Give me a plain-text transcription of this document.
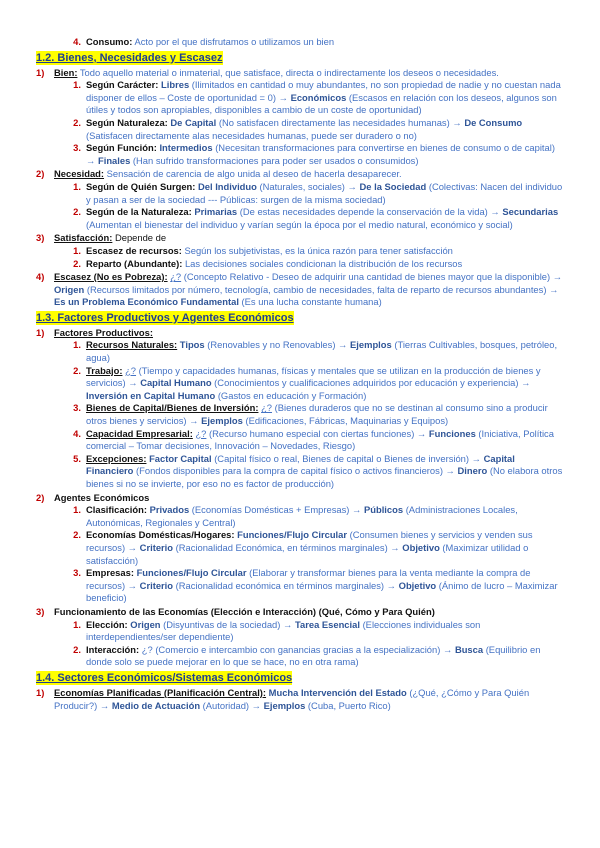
4. Consumo: Acto por el que disfrutamos o utilizamos un bien
1.2. Bienes, Necesidades y Escasez
1) Bien: Todo aquello material o inmaterial, que satisface, directa o indirectamente los deseos o necesidades.
1. Según Carácter: Libres (Ilimitados en cantidad o muy abundantes, no son propiedad de nadie y no cuestan nada disponer de ellos – Coste de oportunidad = 0) → Económicos (Escasos en relación con los deseos, algunos son útiles y todos son apropiables, disponibles a cambio de un coste de oportunidad)
2. Según Naturaleza: De Capital (No satisfacen directamente las necesidades humanas) → De Consumo (Satisfacen directamente alas necesidades humanas, puede ser duradero o no)
3. Según Función: Intermedios (Necesitan transformaciones para convertirse en bienes de consumo o de capital) → Finales (Han sufrido transformaciones para poder ser usados o consumidos)
2) Necesidad: Sensación de carencia de algo unida al deseo de hacerla desaparecer.
1. Según de Quién Surgen: Del Individuo (Naturales, sociales) → De la Sociedad (Colectivas: Nacen del individuo y pasan a ser de la sociedad --- Públicas: surgen de la misma sociedad)
2. Según de la Naturaleza: Primarias (De estas necesidades depende la conservación de la vida) → Secundarias (Aumentan el bienestar del individuo y varían según la época por el medio natural, económico y social)
3) Satisfacción: Depende de
1. Escasez de recursos: Según los subjetivistas, es la única razón para tener satisfacción
2. Reparto (Abundante): Las decisiones sociales condicionan la distribución de los recursos
4) Escasez (No es Pobreza): ¿? (Concepto Relativo - Deseo de adquirir una cantidad de bienes mayor que la disponible) → Origen (Recursos limitados por número, tecnología, cambio de necesidades, falta de reparto de recursos abundantes) → Es un Problema Económico Fundamental (Es una lucha constante humana)
1.3. Factores Productivos y Agentes Económicos
1) Factores Productivos:
1. Recursos Naturales: Tipos (Renovables y no Renovables) → Ejemplos (Tierras Cultivables, bosques, petróleo, agua)
2. Trabajo: ¿? (Tiempo y capacidades humanas, físicas y mentales que se utilizan en la producción de bienes y servicios) → Capital Humano (Conocimientos y cualificaciones adquiridos por educación y experiencia) → Inversión en Capital Humano (Gastos en educación y Formación)
3. Bienes de Capital/Bienes de Inversión: ¿? (Bienes duraderos que no se destinan al consumo sino a producir otros bienes y servicios) → Ejemplos (Edificaciones, Fábricas, Maquinarias y Equipos)
4. Capacidad Empresarial: ¿? (Recurso humano especial con ciertas funciones) → Funciones (Iniciativa, Política comercial – Tomar decisiones, Innovación – Novedades, Riesgo)
5. Excepciones: Factor Capital (Capital físico o real, Bienes de capital o Bienes de inversión) → Capital Financiero (Fondos disponibles para la compra de capital físico o activos financieros) → Dinero (No elabora otros bienes si no se invierte, por eso no es factor de producción)
2) Agentes Económicos
1. Clasificación: Privados (Economías Domésticas + Empresas) → Públicos (Administraciones Locales, Autonómicas, Regionales y Central)
2. Economías Domésticas/Hogares: Funciones/Flujo Circular (Consumen bienes y servicios y venden sus recursos) → Criterio (Racionalidad Económica, en términos marginales) → Objetivo (Maximizar utilidad o satisfacción)
3. Empresas: Funciones/Flujo Circular (Elaborar y transformar bienes para la venta mediante la compra de recursos) → Criterio (Racionalidad económica en términos marginales) → Objetivo (Ánimo de lucro – Maximizar beneficio)
3) Funcionamiento de las Economías (Elección e Interacción) (Qué, Cómo y Para Quién)
1. Elección: Origen (Disyuntivas de la sociedad) → Tarea Esencial (Elecciones individuales son interdependientes/ser dependiente)
2. Interacción: ¿? (Comercio e intercambio con ganancias gracias a la especialización) → Busca (Equilibrio en donde solo se puede mejorar en lo que se hace, no en otra rama)
1.4. Sectores Económicos/Sistemas Económicos
1) Economías Planificadas (Planificación Central): Mucha Intervención del Estado (¿Qué, ¿Cómo y Para Quién Producir?) → Medio de Actuación (Autoridad) → Ejemplos (Cuba, Puerto Rico)
